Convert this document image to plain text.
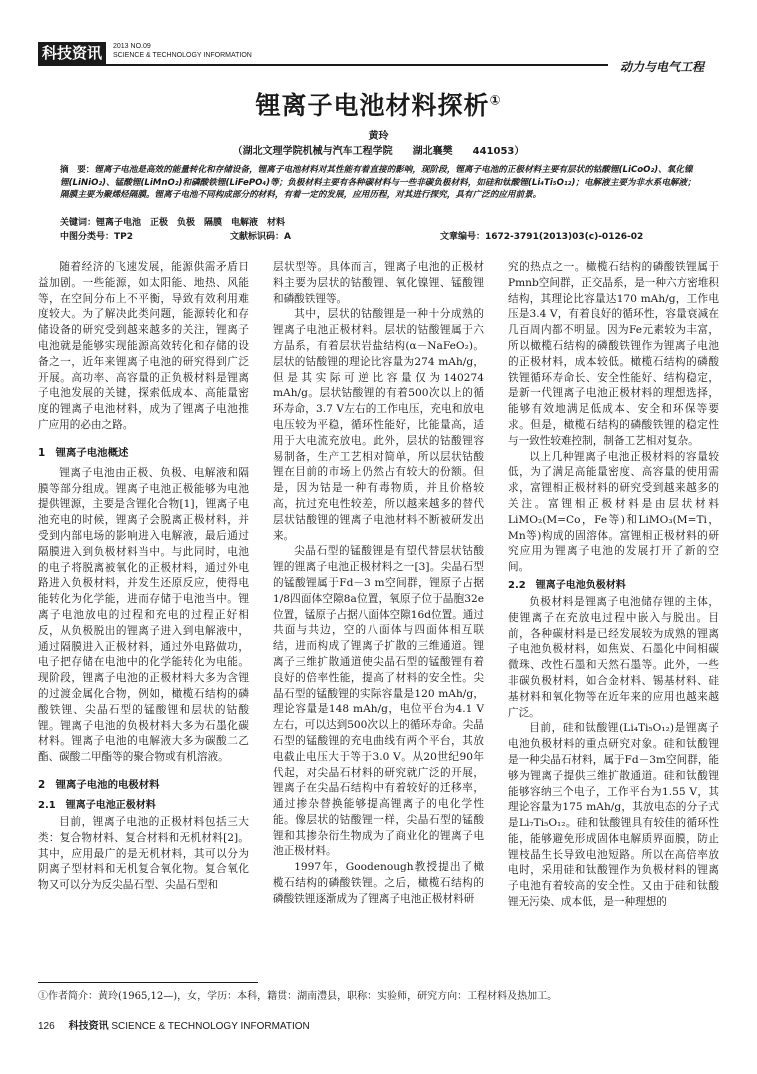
科技资讯	2013 NO.09
SCIENCE & TECHNOLOGY INFORMATION
动力与电气工程
锂离子电池材料探析①
黄玲
（湖北文理学院机械与汽车工程学院　　湖北襄樊　　441053）
摘　要：锂离子电池是高效的能量转化和存储设备，锂离子电池材料对其性能有着直接的影响，现阶段，锂离子电池的正极材料主要有层状的钴酸锂(LiCoO₂)、氧化镍锂(LiNiO₂)、锰酸锂(LiMnO₂)和磷酸铁锂(LiFePO₄)等；负极材料主要有各种碳材料与一些非碳负极材料，如硅和钛酸锂(Li₄Ti₅O₁₂)；电解液主要为非水系电解液；隔膜主要为聚烯烃隔膜。锂离子电池不同构成部分的材料，有着一定的发展，应用历程，对其进行探究，具有广泛的应用前景。
关键词：锂离子电池　正极　负极　隔膜　电解液　材料
中图分类号：TP2	文献标识码：A	文章编号：1672-3791(2013)03(c)-0126-02

随着经济的飞速发展，能源供需矛盾日益加剧。一些能源，如太阳能、地热、风能等，在空间分布上不平衡，导致有效利用难度较大。为了解决此类问题，能源转化和存储设备的研究受到越来越多的关注，锂离子电池就是能够实现能源高效转化和存储的设备之一，近年来锂离子电池的研究得到广泛开展。高功率、高容量的正负极材料是锂离子电池发展的关键，探索低成本、高能量密度的锂离子电池材料，成为了锂离子电池推广应用的必由之路。

1　锂离子电池概述

锂离子电池由正极、负极、电解液和隔膜等部分组成。锂离子电池正极能够为电池提供锂源，主要是含锂化合物[1]，锂离子电池充电的时候，锂离子会脱离正极材料，并受到内部电场的影响进入电解液，最后通过隔膜进入到负极材料当中。与此同时，电池的电子将脱离被氧化的正极材料，通过外电路进入负极材料，并发生还原反应，使得电能转化为化学能，进而存储于电池当中。锂离子电池放电的过程和充电的过程正好相反，从负极脱出的锂离子进入到电解液中，通过隔膜进入正极材料，通过外电路做功，电子把存储在电池中的化学能转化为电能。现阶段，锂离子电池的正极材料大多为含锂的过渡金属化合物，例如，橄榄石结构的磷酸铁锂、尖晶石型的锰酸锂和层状的钴酸锂。锂离子电池的负极材料大多为石墨化碳材料。锂离子电池的电解液大多为碳酸二乙酯、碳酸二甲酯等的聚合物或有机溶液。

2　锂离子电池的电极材料
2.1　锂离子电池正极材料

目前，锂离子电池的正极材料包括三大类：复合物材料、复合材料和无机材料[2]。其中，应用最广的是无机材料，其可以分为阴离子型材料和无机复合氧化物。复合氧化物又可以分为反尖晶石型、尖晶石型和

层状型等。具体而言，锂离子电池的正极材料主要为层状的钴酸锂、氧化镍锂、锰酸锂和磷酸铁锂等。

其中，层状的钴酸锂是一种十分成熟的锂离子电池正极材料。层状的钴酸锂属于六方晶系，有着层状岩盐结构(α－NaFeO₂)。层状的钴酸锂的理论比容量为274 mAh/g，但是其实际可逆比容量仅为140274 mAh/g。层状钴酸锂的有着500次以上的循环寿命，3.7 V左右的工作电压，充电和放电电压较为平稳，循环性能好，比能量高，适用于大电流充放电。此外，层状的钴酸锂容易制备，生产工艺相对简单，所以层状钴酸锂在目前的市场上仍然占有较大的份额。但是，因为钴是一种有毒物质，并且价格较高，抗过充电性较差，所以越来越多的替代层状钴酸锂的锂离子电池材料不断被研发出来。

尖晶石型的锰酸锂是有望代替层状钴酸锂的锂离子电池正极材料之一[3]。尖晶石型的锰酸锂属于Fd－3 m空间群，锂原子占据1/8四面体空隙8a位置，氧原子位于晶胞32e位置，锰原子占据八面体空隙16d位置。通过共面与共边，空的八面体与四面体相互联结，进而构成了锂离子扩散的三维通道。锂离子三维扩散通道使尖晶石型的锰酸锂有着良好的倍率性能，提高了材料的安全性。尖晶石型的锰酸锂的实际容量是120 mAh/g，理论容量是148 mAh/g，电位平台为4.1 V左右，可以达到500次以上的循环寿命。尖晶石型的锰酸锂的充电曲线有两个平台，其放电截止电压大于等于3.0 V。从20世纪90年代起，对尖晶石材料的研究就广泛的开展，锂离子在尖晶石结构中有着较好的迁移率，通过掺杂替换能够提高锂离子的电化学性能。像层状的钴酸锂一样，尖晶石型的锰酸锂和其掺杂衍生物成为了商业化的锂离子电池正极材料。

1997年，Goodenough教授提出了橄榄石结构的磷酸铁锂。之后，橄榄石结构的磷酸铁锂逐渐成为了锂离子电池正极材料研

究的热点之一。橄榄石结构的磷酸铁锂属于Pmnb空间群，正交晶系，是一种六方密堆积结构，其理论比容量达170 mAh/g，工作电压是3.4 V，有着良好的循环性，容量衰减在几百周内都不明显。因为Fe元素较为丰富，所以橄榄石结构的磷酸铁锂作为锂离子电池的正极材料，成本较低。橄榄石结构的磷酸铁锂循环寿命长、安全性能好、结构稳定，是新一代锂离子电池正极材料的理想选择，能够有效地满足低成本、安全和环保等要求。但是，橄榄石结构的磷酸铁锂的稳定性与一致性较难控制，制备工艺相对复杂。

以上几种锂离子电池正极材料的容量较低，为了满足高能量密度、高容量的使用需求，富锂相正极材料的研究受到越来越多的关注。富锂相正极材料是由层状材料LiMO₂(M=Co，Fe等)和LiMO₃(M=Ti，Mn等)构成的固溶体。富锂相正极材料的研究应用为锂离子电池的发展打开了新的空间。

2.2　锂离子电池负极材料

负极材料是锂离子电池储存锂的主体，使锂离子在充放电过程中嵌入与脱出。目前，各种碳材料是已经发展较为成熟的锂离子电池负极材料，如焦炭、石墨化中间相碳微珠、改性石墨和天然石墨等。此外，一些非碳负极材料，如合金材料、锡基材料、硅基材料和氧化物等在近年来的应用也越来越广泛。

目前，硅和钛酸锂(Li₄Ti₅O₁₂)是锂离子电池负极材料的重点研究对象。硅和钛酸锂是一种尖晶石材料，属于Fd－3m空间群，能够为锂离子提供三维扩散通道。硅和钛酸锂能够容纳三个电子，工作平台为1.55 V，其理论容量为175 mAh/g，其放电态的分子式是Li₇Ti₅O₁₂。硅和钛酸锂具有较佳的循环性能，能够避免形成固体电解质界面膜，防止锂枝晶生长导致电池短路。所以在高倍率放电时，采用硅和钛酸锂作为负极材料的锂离子电池有着较高的安全性。又由于硅和钛酸锂无污染、成本低，是一种理想的

①作者简介：黄玲(1965,12—)，女，学历：本科，籍贯：湖南澧县，职称：实验师，研究方向：工程材料及热加工。
126 科技资讯 SCIENCE & TECHNOLOGY INFORMATION
